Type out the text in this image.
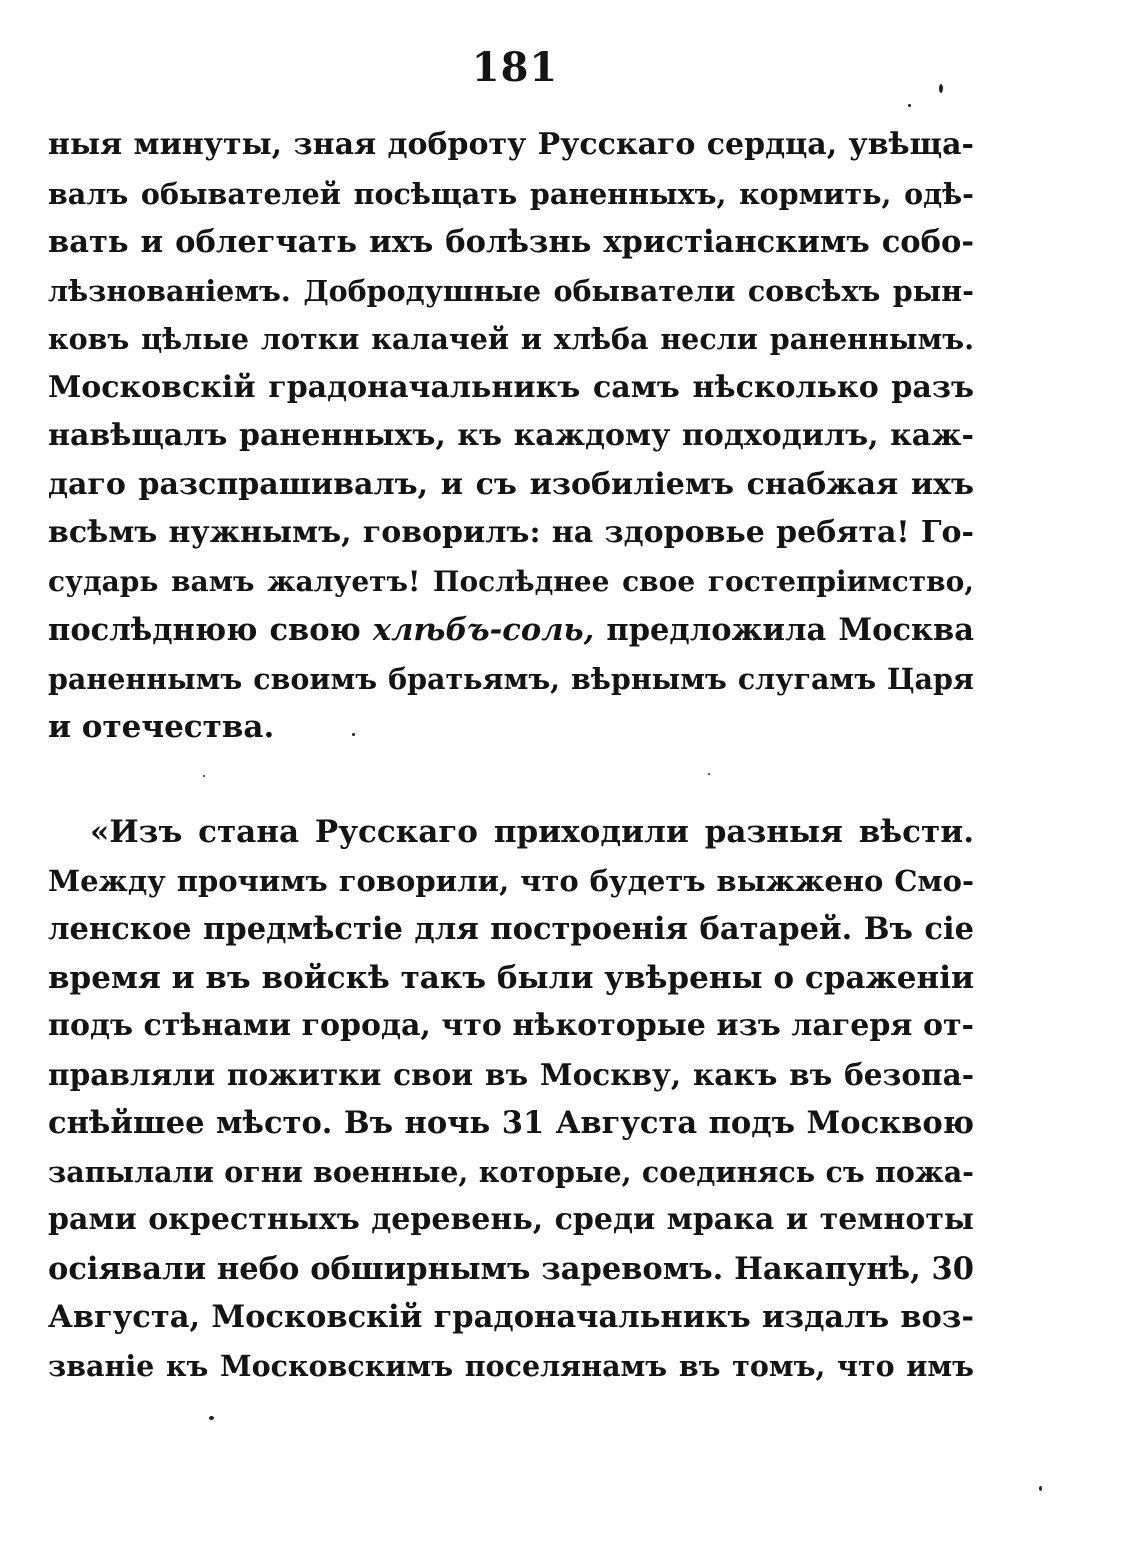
181
ныя минуты, зная доброту Русскаго сердца, увѣща-
валъ обывателей посѣщать раненныхъ, кормить, одѣ-
вать и облегчать ихъ болѣзнь христіанскимъ собо-
лѣзнованіемъ. Добродушные обыватели совсѣхъ рын-
ковъ цѣлые лотки калачей и хлѣба несли раненнымъ.
Московскій градоначальникъ самъ нѣсколько разъ
навѣщалъ раненныхъ, къ каждому подходилъ, каж-
даго разспрашивалъ, и съ изобиліемъ снабжая ихъ
всѣмъ нужнымъ, говорилъ: на здоровье ребята! Го-
сударь вамъ жалуетъ! Послѣднее свое гостепріимство,
послѣднюю свою хлѣбъ-соль, предложила Москва
раненнымъ своимъ братьямъ, вѣрнымъ слугамъ Царя
и отечества.
«Изъ стана Русскаго приходили разныя вѣсти.
Между прочимъ говорили, что будетъ выжжено Смо-
ленское предмѣстіе для построенія батарей. Въ сіе
время и въ войскѣ такъ были увѣрены о сраженіи
подъ стѣнами города, что нѣкоторые изъ лагеря от-
правляли пожитки свои въ Москву, какъ въ безопа-
снѣйшее мѣсто. Въ ночь 31 Августа подъ Москвою
запылали огни военные, которые, соединясь съ пожа-
рами окрестныхъ деревень, среди мрака и темноты
осіявали небо обширнымъ заревомъ. Накапунѣ, 30
Августа, Московскій градоначальникъ издалъ воз-
званіе къ Московскимъ поселянамъ въ томъ, что имъ
